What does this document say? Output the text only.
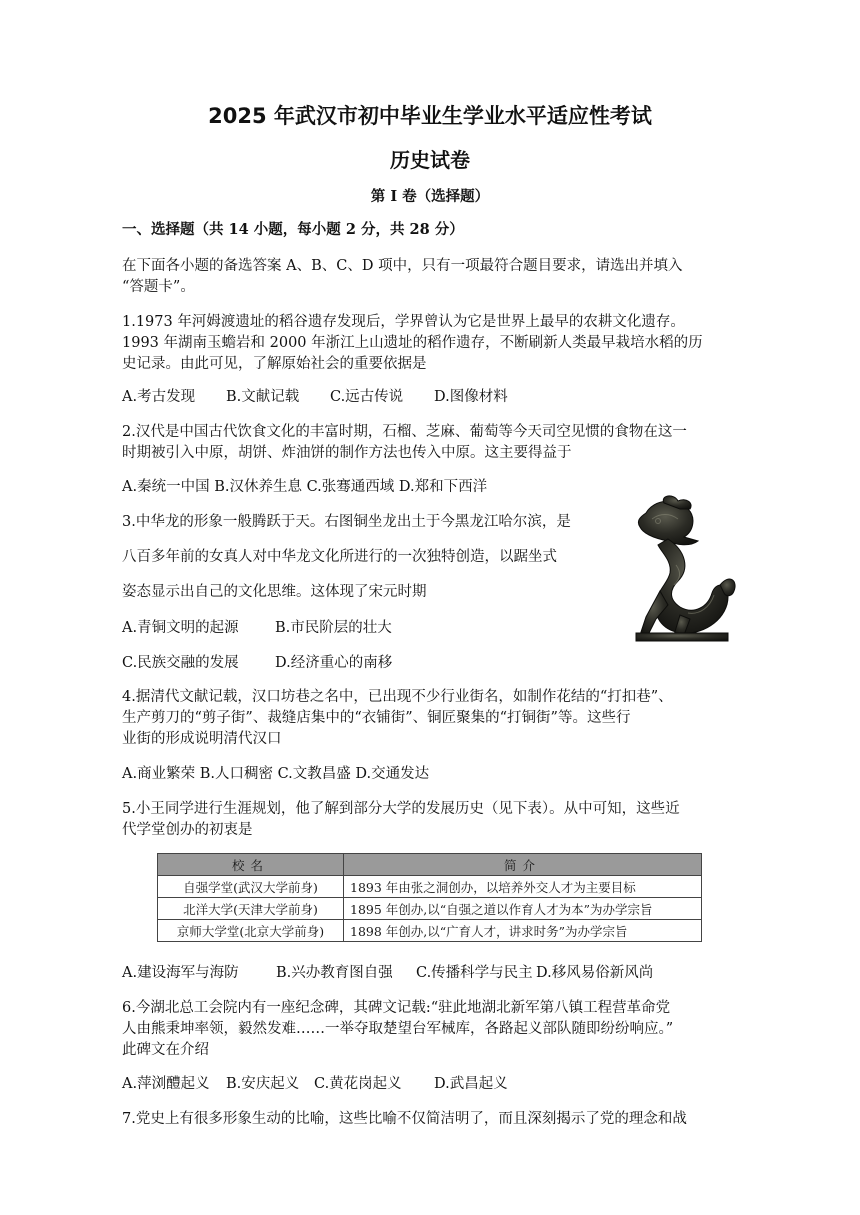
2025 年武汉市初中毕业生学业水平适应性考试
历史试卷
第 I 卷（选择题）
一、选择题（共 14 小题，每小题 2 分，共 28 分）
在下面各小题的备选答案 A、B、C、D 项中，只有一项最符合题目要求，请选出并填入
“答题卡”。
1.1973 年河姆渡遗址的稻谷遗存发现后，学界曾认为它是世界上最早的农耕文化遗存。
1993 年湖南玉蟾岩和 2000 年浙江上山遗址的稻作遗存，不断刷新人类最早栽培水稻的历
史记录。由此可见，了解原始社会的重要依据是
A.考古发现 B.文献记载 C.远古传说 D.图像材料
2.汉代是中国古代饮食文化的丰富时期，石榴、芝麻、葡萄等今天司空见惯的食物在这一
时期被引入中原，胡饼、炸油饼的制作方法也传入中原。这主要得益于
A.秦统一中国 B.汉休养生息 C.张骞通西域 D.郑和下西洋
3.中华龙的形象一般腾跃于天。右图铜坐龙出土于今黑龙江哈尔滨，是
八百多年前的女真人对中华龙文化所进行的一次独特创造，以踞坐式
姿态显示出自己的文化思维。这体现了宋元时期
A.青铜文明的起源	B.市民阶层的壮大
C.民族交融的发展	D.经济重心的南移
4.据清代文献记载，汉口坊巷之名中，已出现不少行业街名，如制作花结的“打扣巷”、
生产剪刀的“剪子街”、裁缝店集中的“衣铺街”、铜匠聚集的“打铜街”等。这些行
业街的形成说明清代汉口
A.商业繁荣 B.人口稠密 C.文教昌盛 D.交通发达
5.小王同学进行生涯规划，他了解到部分大学的发展历史（见下表）。从中可知，这些近
代学堂创办的初衷是
校名	简介
自强学堂(武汉大学前身)	1893 年由张之洞创办，以培养外交人才为主要目标
北洋大学(天津大学前身)	1895 年创办,以“自强之道以作育人才为本”为办学宗旨
京师大学堂(北京大学前身)	1898 年创办,以“广育人才，讲求时务”为办学宗旨
A.建设海军与海防	B.兴办教育图自强 C.传播科学与民主 D.移风易俗新风尚
6.今湖北总工会院内有一座纪念碑，其碑文记载:“驻此地湖北新军第八镇工程营革命党
人由熊秉坤率领，毅然发难……一举夺取楚望台军械库，各路起义部队随即纷纷响应。”
此碑文在介绍
A.萍浏醴起义 B.安庆起义 C.黄花岗起义 D.武昌起义
7.党史上有很多形象生动的比喻，这些比喻不仅简洁明了，而且深刻揭示了党的理念和战
